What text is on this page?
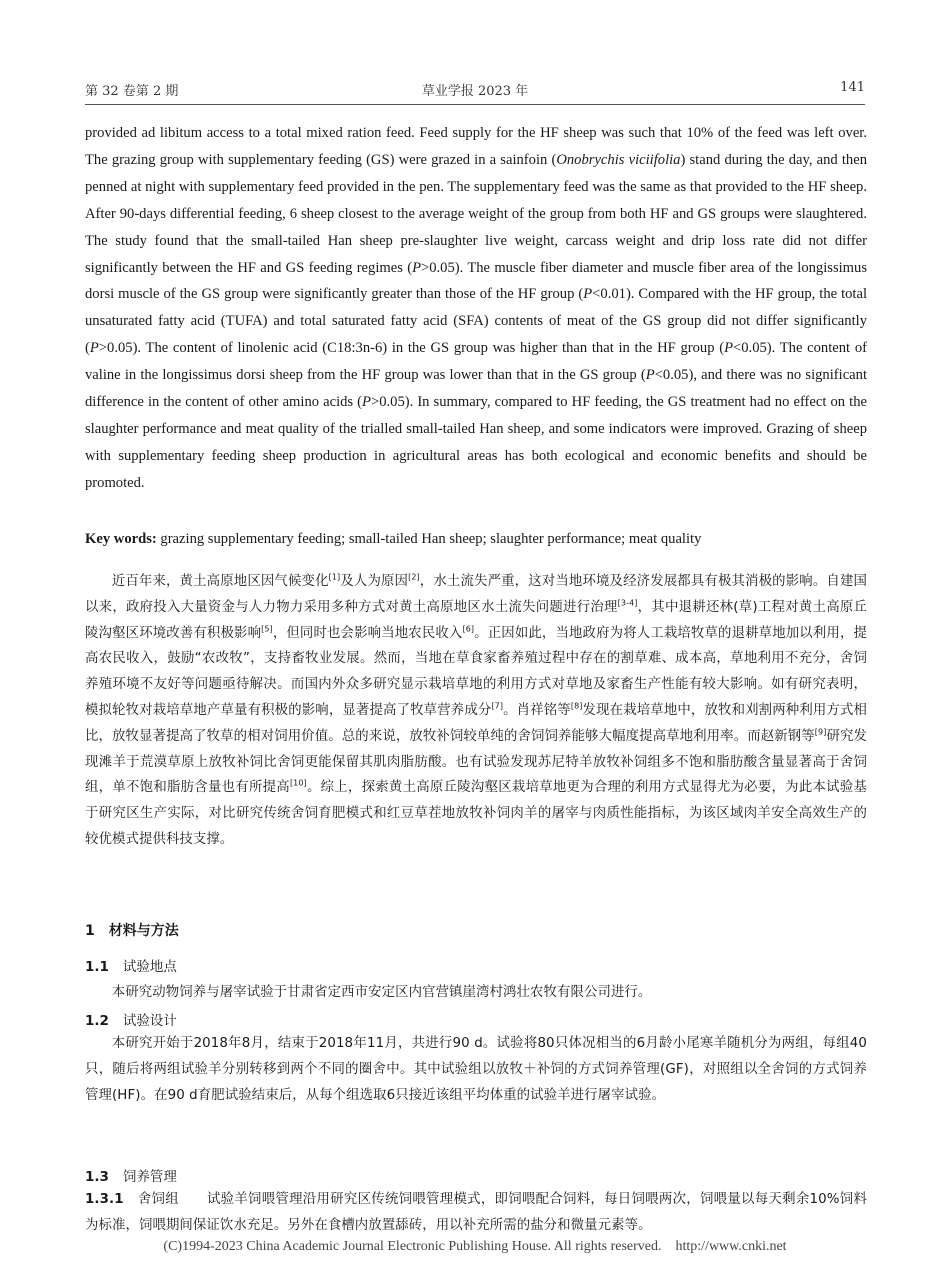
第 32 卷第 2 期	草业学报 2023 年	141

provided ad libitum access to a total mixed ration feed. Feed supply for the HF sheep was such that 10% of the feed was left over. The grazing group with supplementary feeding (GS) were grazed in a sainfoin (Onobrychis viciifolia) stand during the day, and then penned at night with supplementary feed provided in the pen. The supplementary feed was the same as that provided to the HF sheep. After 90-days differential feeding, 6 sheep closest to the average weight of the group from both HF and GS groups were slaughtered. The study found that the small-tailed Han sheep pre-slaughter live weight, carcass weight and drip loss rate did not differ significantly between the HF and GS feeding regimes (P>0.05). The muscle fiber diameter and muscle fiber area of the longissimus dorsi muscle of the GS group were significantly greater than those of the HF group (P<0.01). Compared with the HF group, the total unsaturated fatty acid (TUFA) and total saturated fatty acid (SFA) contents of meat of the GS group did not differ significantly (P>0.05). The content of linolenic acid (C18:3n-6) in the GS group was higher than that in the HF group (P<0.05). The content of valine in the longissimus dorsi sheep from the HF group was lower than that in the GS group (P<0.05), and there was no significant difference in the content of other amino acids (P>0.05). In summary, compared to HF feeding, the GS treatment had no effect on the slaughter performance and meat quality of the trialled small-tailed Han sheep, and some indicators were improved. Grazing of sheep with supplementary feeding sheep production in agricultural areas has both ecological and economic benefits and should be promoted.

Key words: grazing supplementary feeding; small-tailed Han sheep; slaughter performance; meat quality

近百年来，黄土高原地区因气候变化[1]及人为原因[2]，水土流失严重，这对当地环境及经济发展都具有极其消极的影响。自建国以来，政府投入大量资金与人力物力采用多种方式对黄土高原地区水土流失问题进行治理[3-4]，其中退耕还林(草)工程对黄土高原丘陵沟壑区环境改善有积极影响[5]，但同时也会影响当地农民收入[6]。正因如此，当地政府为将人工栽培牧草的退耕草地加以利用，提高农民收入，鼓励“农改牧”，支持畜牧业发展。然而，当地在草食家畜养殖过程中存在的割草难、成本高，草地利用不充分，舍饲养殖环境不友好等问题亟待解决。而国内外众多研究显示栽培草地的利用方式对草地及家畜生产性能有较大影响。如有研究表明，模拟轮牧对栽培草地产草量有积极的影响，显著提高了牧草营养成分[7]。肖祥铭等[8]发现在栽培草地中，放牧和刈割两种利用方式相比，放牧显著提高了牧草的相对饲用价值。总的来说，放牧补饲较单纯的舍饲饲养能够大幅度提高草地利用率。而赵新钢等[9]研究发现滩羊于荒漠草原上放牧补饲比舍饲更能保留其肌肉脂肪酸。也有试验发现苏尼特羊放牧补饲组多不饱和脂肪酸含量显著高于舍饲组，单不饱和脂肪含量也有所提高[10]。综上，探索黄土高原丘陵沟壑区栽培草地更为合理的利用方式显得尤为必要，为此本试验基于研究区生产实际，对比研究传统舍饲育肥模式和红豆草茬地放牧补饲肉羊的屠宰与肉质性能指标，为该区域肉羊安全高效生产的较优模式提供科技支撑。

1　材料与方法

1.1 试验地点

本研究动物饲养与屠宰试验于甘肃省定西市安定区内官营镇崖湾村鸿壮农牧有限公司进行。

1.2 试验设计

本研究开始于2018年8月，结束于2018年11月，共进行90 d。试验将80只体况相当的6月龄小尾寒羊随机分为两组，每组40只，随后将两组试验羊分别转移到两个不同的圈舍中。其中试验组以放牧＋补饲的方式饲养管理(GF)，对照组以全舍饲的方式饲养管理(HF)。在90 d育肥试验结束后，从每个组选取6只接近该组平均体重的试验羊进行屠宰试验。

1.3 饲养管理

1.3.1 舍饲组 试验羊饲喂管理沿用研究区传统饲喂管理模式，即饲喂配合饲料，每日饲喂两次，饲喂量以每天剩余10%饲料为标准，饲喂期间保证饮水充足。另外在食槽内放置舔砖，用以补充所需的盐分和微量元素等。

(C)1994-2023 China Academic Journal Electronic Publishing House. All rights reserved.　http://www.cnki.net
